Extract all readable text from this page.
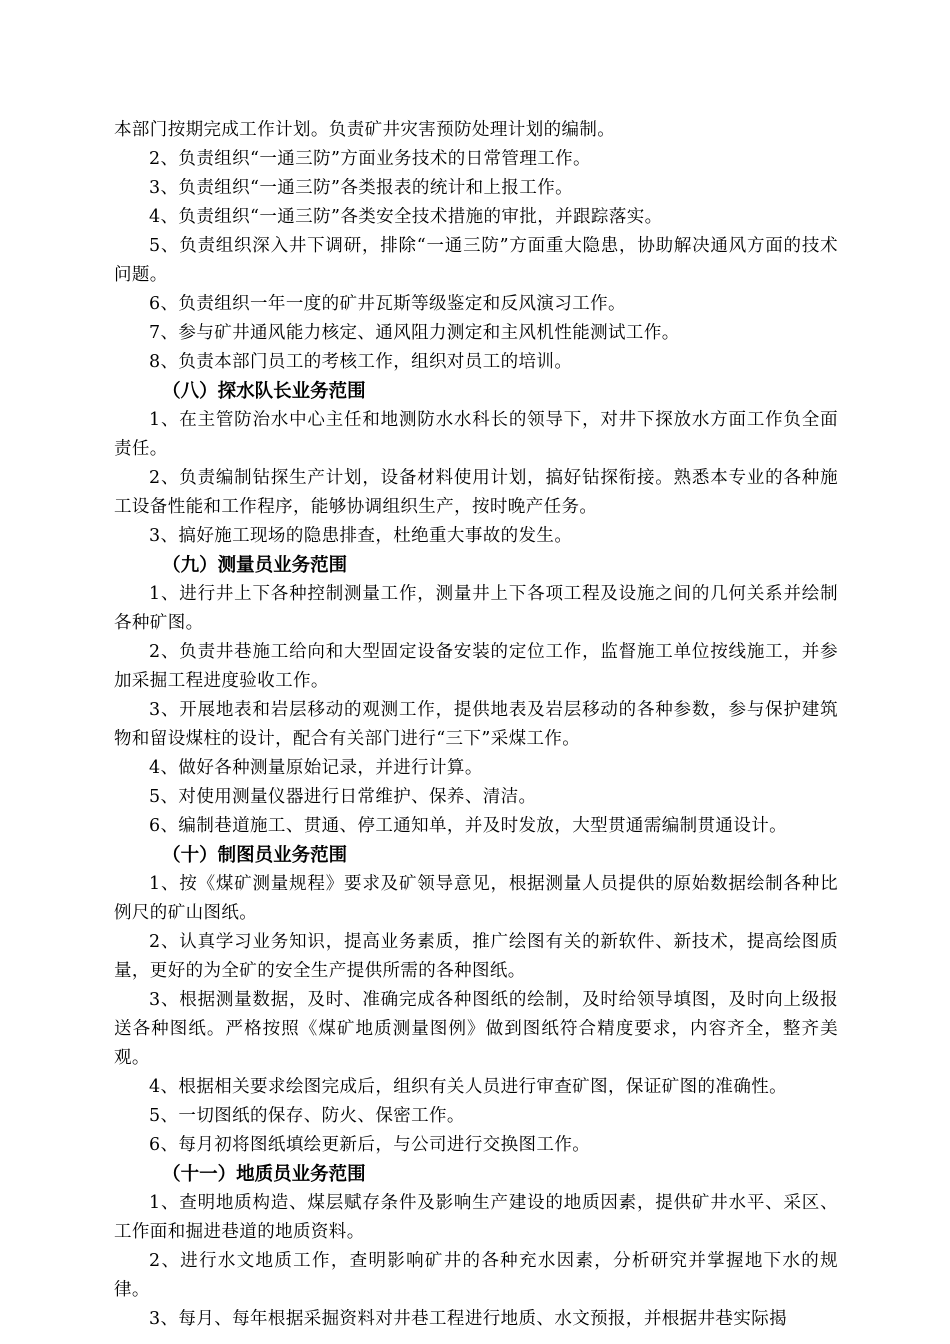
本部门按期完成工作计划。负责矿井灾害预防处理计划的编制。
2、负责组织“一通三防”方面业务技术的日常管理工作。
3、负责组织“一通三防”各类报表的统计和上报工作。
4、负责组织“一通三防”各类安全技术措施的审批，并跟踪落实。
5、负责组织深入井下调研，排除“一通三防”方面重大隐患，协助解决通风方面的技术问题。
6、负责组织一年一度的矿井瓦斯等级鉴定和反风演习工作。
7、参与矿井通风能力核定、通风阻力测定和主风机性能测试工作。
8、负责本部门员工的考核工作，组织对员工的培训。
（八）探水队长业务范围
1、在主管防治水中心主任和地测防水水科长的领导下，对井下探放水方面工作负全面责任。
2、负责编制钻探生产计划，设备材料使用计划，搞好钻探衔接。熟悉本专业的各种施工设备性能和工作程序，能够协调组织生产，按时晚产任务。
3、搞好施工现场的隐患排查，杜绝重大事故的发生。
（九）测量员业务范围
1、进行井上下各种控制测量工作，测量井上下各项工程及设施之间的几何关系并绘制各种矿图。
2、负责井巷施工给向和大型固定设备安装的定位工作，监督施工单位按线施工，并参加采掘工程进度验收工作。
3、开展地表和岩层移动的观测工作，提供地表及岩层移动的各种参数，参与保护建筑物和留设煤柱的设计，配合有关部门进行“三下”采煤工作。
4、做好各种测量原始记录，并进行计算。
5、对使用测量仪器进行日常维护、保养、清洁。
6、编制巷道施工、贯通、停工通知单，并及时发放，大型贯通需编制贯通设计。
（十）制图员业务范围
1、按《煤矿测量规程》要求及矿领导意见，根据测量人员提供的原始数据绘制各种比例尺的矿山图纸。
2、认真学习业务知识，提高业务素质，推广绘图有关的新软件、新技术，提高绘图质量，更好的为全矿的安全生产提供所需的各种图纸。
3、根据测量数据，及时、准确完成各种图纸的绘制，及时给领导填图，及时向上级报送各种图纸。严格按照《煤矿地质测量图例》做到图纸符合精度要求，内容齐全，整齐美观。
4、根据相关要求绘图完成后，组织有关人员进行审查矿图，保证矿图的准确性。
5、一切图纸的保存、防火、保密工作。
6、每月初将图纸填绘更新后，与公司进行交换图工作。
（十一）地质员业务范围
1、查明地质构造、煤层赋存条件及影响生产建设的地质因素，提供矿井水平、采区、工作面和掘进巷道的地质资料。
2、进行水文地质工作，查明影响矿井的各种充水因素，分析研究并掌握地下水的规律。
3、每月、每年根据采掘资料对井巷工程进行地质、水文预报，并根据井巷实际揭
